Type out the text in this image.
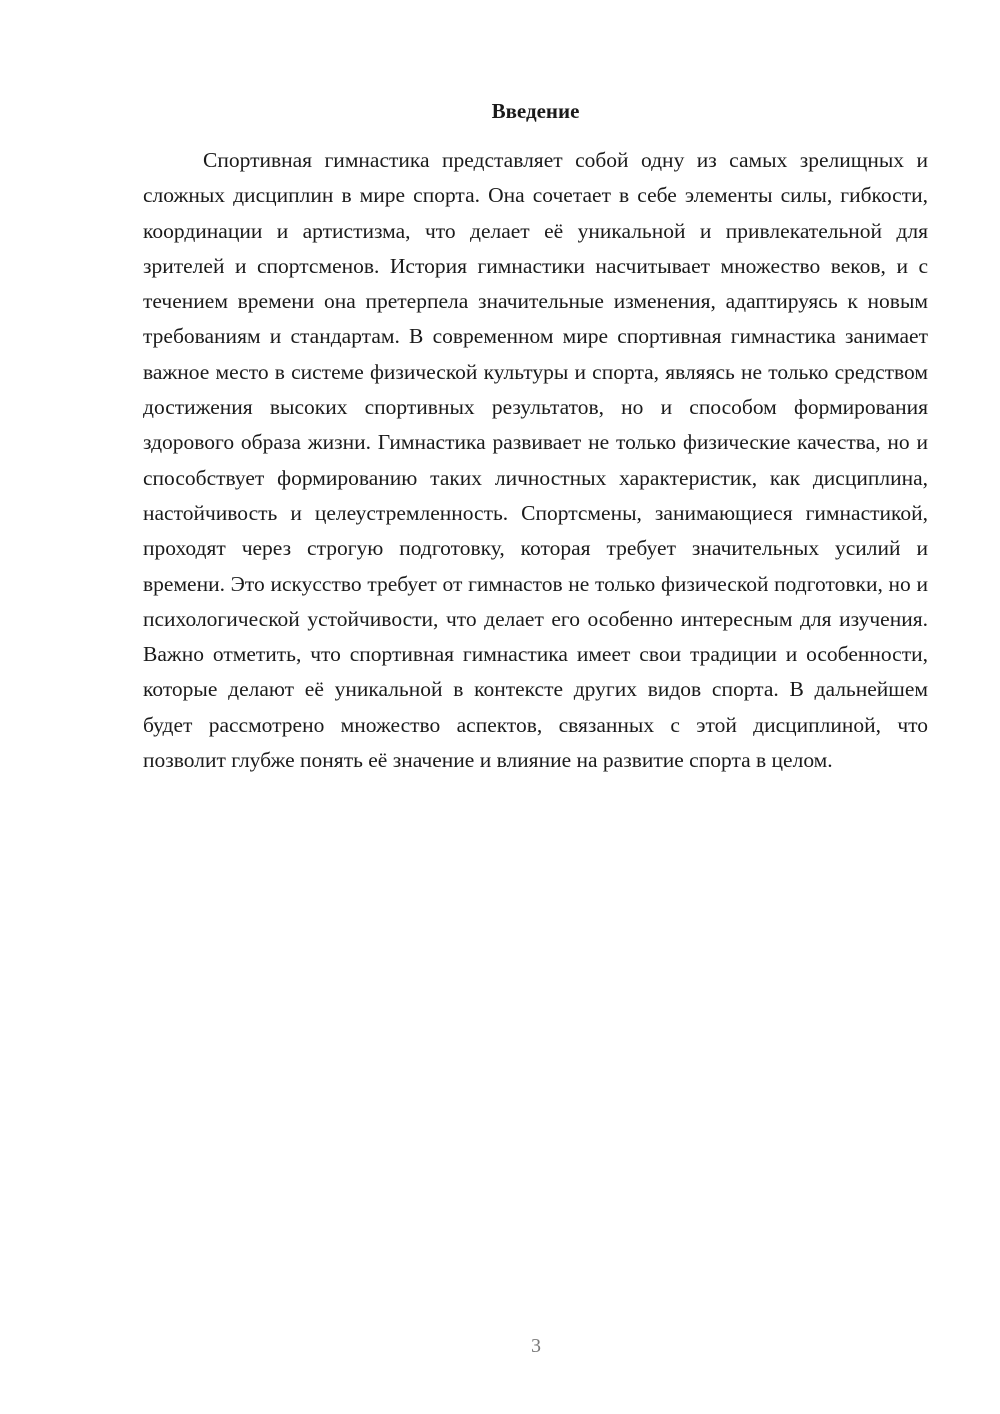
Введение

Спортивная гимнастика представляет собой одну из самых зрелищных и сложных дисциплин в мире спорта. Она сочетает в себе элементы силы, гибкости, координации и артистизма, что делает её уникальной и привлекательной для зрителей и спортсменов. История гимнастики насчитывает множество веков, и с течением времени она претерпела значительные изменения, адаптируясь к новым требованиям и стандартам. В современном мире спортивная гимнастика занимает важное место в системе физической культуры и спорта, являясь не только средством достижения высоких спортивных результатов, но и способом формирования здорового образа жизни. Гимнастика развивает не только физические качества, но и способствует формированию таких личностных характеристик, как дисциплина, настойчивость и целеустремленность. Спортсмены, занимающиеся гимнастикой, проходят через строгую подготовку, которая требует значительных усилий и времени. Это искусство требует от гимнастов не только физической подготовки, но и психологической устойчивости, что делает его особенно интересным для изучения. Важно отметить, что спортивная гимнастика имеет свои традиции и особенности, которые делают её уникальной в контексте других видов спорта. В дальнейшем будет рассмотрено множество аспектов, связанных с этой дисциплиной, что позволит глубже понять её значение и влияние на развитие спорта в целом.

3
